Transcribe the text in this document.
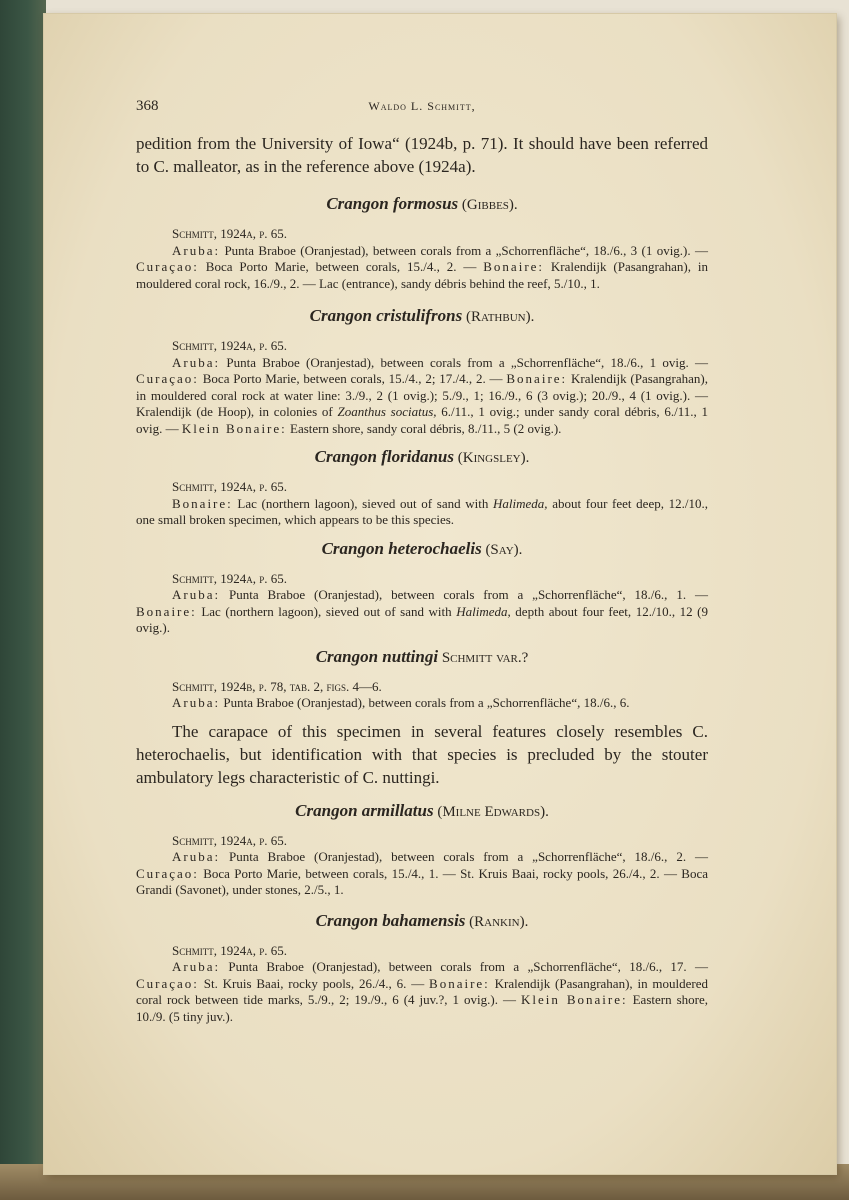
368	Waldo L. Schmitt,

pedition from the University of Iowa“ (1924b, p. 71). It should have been referred to C. malleator, as in the reference above (1924a).

Crangon formosus (Gibbes).

Schmitt, 1924a, p. 65.

Aruba: Punta Braboe (Oranjestad), between corals from a „Schorrenfläche“, 18./6., 3 (1 ovig.). — Curaçao: Boca Porto Marie, between corals, 15./4., 2. — Bonaire: Kralendijk (Pasangrahan), in mouldered coral rock, 16./9., 2. — Lac (entrance), sandy débris behind the reef, 5./10., 1.

Crangon cristulifrons (Rathbun).

Schmitt, 1924a, p. 65.

Aruba: Punta Braboe (Oranjestad), between corals from a „Schorrenfläche“, 18./6., 1 ovig. — Curaçao: Boca Porto Marie, between corals, 15./4., 2; 17./4., 2. — Bonaire: Kralendijk (Pasangrahan), in mouldered coral rock at water line: 3./9., 2 (1 ovig.); 5./9., 1; 16./9., 6 (3 ovig.); 20./9., 4 (1 ovig.). — Kralendijk (de Hoop), in colonies of Zoanthus sociatus, 6./11., 1 ovig.; under sandy coral débris, 6./11., 1 ovig. — Klein Bonaire: Eastern shore, sandy coral débris, 8./11., 5 (2 ovig.).

Crangon floridanus (Kingsley).

Schmitt, 1924a, p. 65.

Bonaire: Lac (northern lagoon), sieved out of sand with Halimeda, about four feet deep, 12./10., one small broken specimen, which appears to be this species.

Crangon heterochaelis (Say).

Schmitt, 1924a, p. 65.

Aruba: Punta Braboe (Oranjestad), between corals from a „Schorrenfläche“, 18./6., 1. — Bonaire: Lac (northern lagoon), sieved out of sand with Halimeda, depth about four feet, 12./10., 12 (9 ovig.).

Crangon nuttingi Schmitt var.?

Schmitt, 1924b, p. 78, tab. 2, figs. 4—6.

Aruba: Punta Braboe (Oranjestad), between corals from a „Schorrenfläche“, 18./6., 6.

The carapace of this specimen in several features closely resembles C. heterochaelis, but identification with that species is precluded by the stouter ambulatory legs characteristic of C. nuttingi.

Crangon armillatus (Milne Edwards).

Schmitt, 1924a, p. 65.

Aruba: Punta Braboe (Oranjestad), between corals from a „Schorrenfläche“, 18./6., 2. — Curaçao: Boca Porto Marie, between corals, 15./4., 1. — St. Kruis Baai, rocky pools, 26./4., 2. — Boca Grandi (Savonet), under stones, 2./5., 1.

Crangon bahamensis (Rankin).

Schmitt, 1924a, p. 65.

Aruba: Punta Braboe (Oranjestad), between corals from a „Schorrenfläche“, 18./6., 17. — Curaçao: St. Kruis Baai, rocky pools, 26./4., 6. — Bonaire: Kralendijk (Pasangrahan), in mouldered coral rock between tide marks, 5./9., 2; 19./9., 6 (4 juv.?, 1 ovig.). — Klein Bonaire: Eastern shore, 10./9. (5 tiny juv.).
